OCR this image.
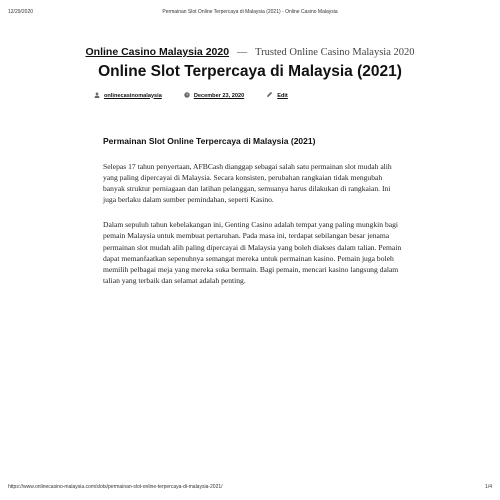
12/29/2020	Permainan Slot Online Terpercaya di Malaysia (2021) - Online Casino Malaysia
Online Casino Malaysia 2020 — Trusted Online Casino Malaysia 2020
Online Slot Terpercaya di Malaysia (2021)
onlinecasinomalaysia	December 23, 2020	Edit
Permainan Slot Online Terpercaya di Malaysia (2021)

Selepas 17 tahun penyertaan, AFBCash dianggap sebagai salah satu permainan slot mudah alih yang paling dipercayai di Malaysia. Secara konsisten, perubahan rangkaian tidak mengubah banyak struktur perniagaan dan latihan pelanggan, semuanya harus dilakukan di rangkaian. Ini juga berlaku dalam sumber pemindahan, seperti Kasino.

Dalam sepuluh tahun kebelakangan ini, Genting Casino adalah tempat yang paling mungkin bagi pemain Malaysia untuk membuat pertaruhan. Pada masa ini, terdapat sebilangan besar jenama permainan slot mudah alih paling dipercayai di Malaysia yang boleh diakses dalam talian. Pemain dapat memanfaatkan sepenuhnya semangat mereka untuk permainan kasino. Pemain juga boleh memilih pelbagai meja yang mereka suka bermain. Bagi pemain, mencari kasino langsung dalam talian yang terbaik dan selamat adalah penting.

https://www.onlinecasino-malaysia.com/slots/permainan-slot-online-terpercaya-di-malaysia-2021/	1/4
